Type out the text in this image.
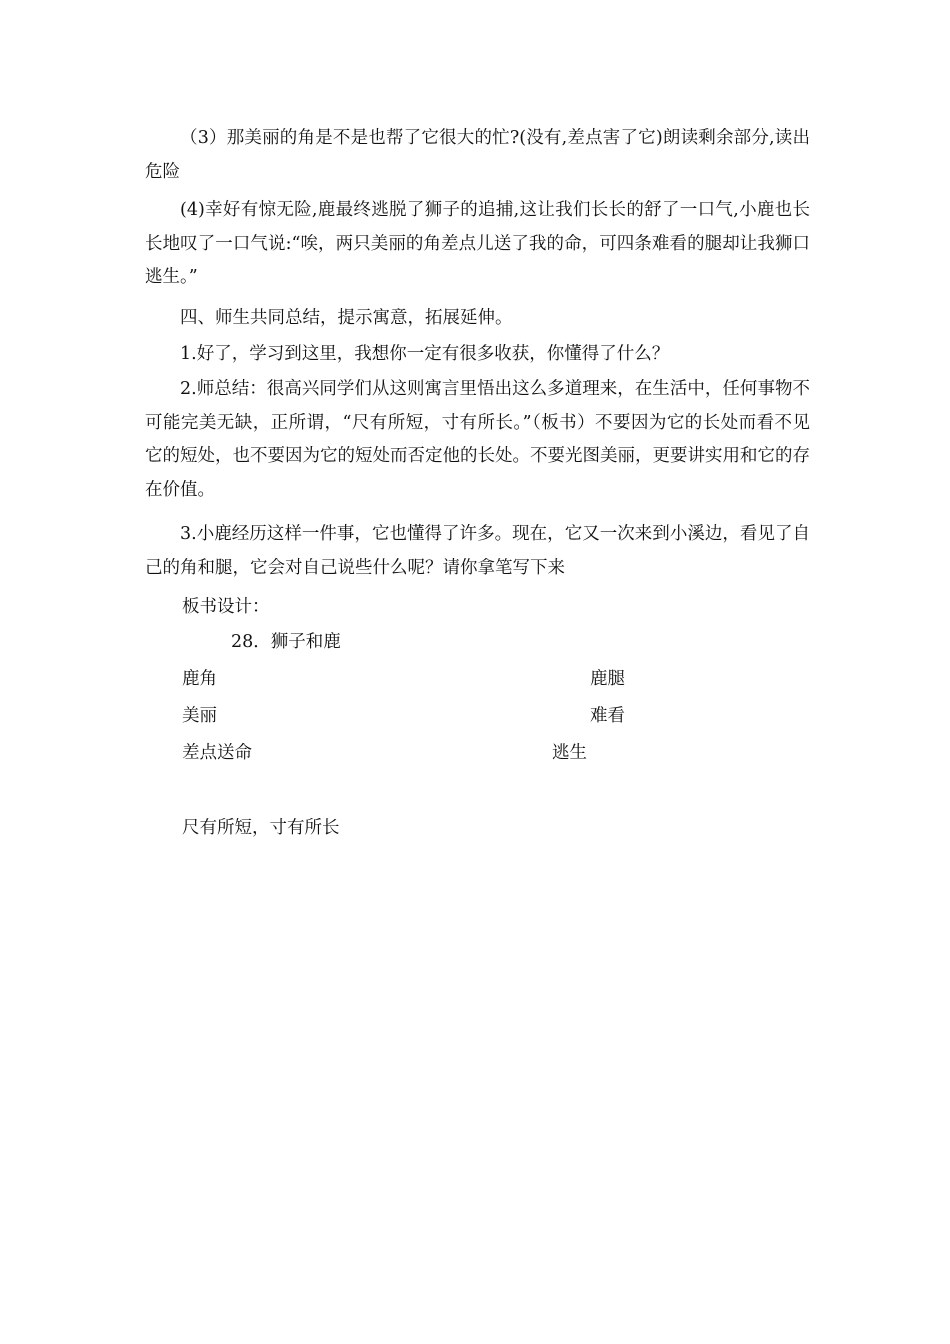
（3）那美丽的角是不是也帮了它很大的忙?(没有,差点害了它)朗读剩余部分,读出危险

(4)幸好有惊无险,鹿最终逃脱了狮子的追捕,这让我们长长的舒了一口气,小鹿也长长地叹了一口气说:“唉，两只美丽的角差点儿送了我的命，可四条难看的腿却让我狮口逃生。”

四、师生共同总结，提示寓意，拓展延伸。

1.好了，学习到这里，我想你一定有很多收获，你懂得了什么？

2.师总结：很高兴同学们从这则寓言里悟出这么多道理来，在生活中，任何事物不可能完美无缺，正所谓，“尺有所短，寸有所长。”（板书）不要因为它的长处而看不见它的短处，也不要因为它的短处而否定他的长处。不要光图美丽，更要讲实用和它的存在价值。

3.小鹿经历这样一件事，它也懂得了许多。现在，它又一次来到小溪边，看见了自己的角和腿，它会对自己说些什么呢？请你拿笔写下来

板书设计：
28．狮子和鹿
鹿角	鹿腿
美丽	难看
差点送命	逃生
尺有所短，寸有所长
